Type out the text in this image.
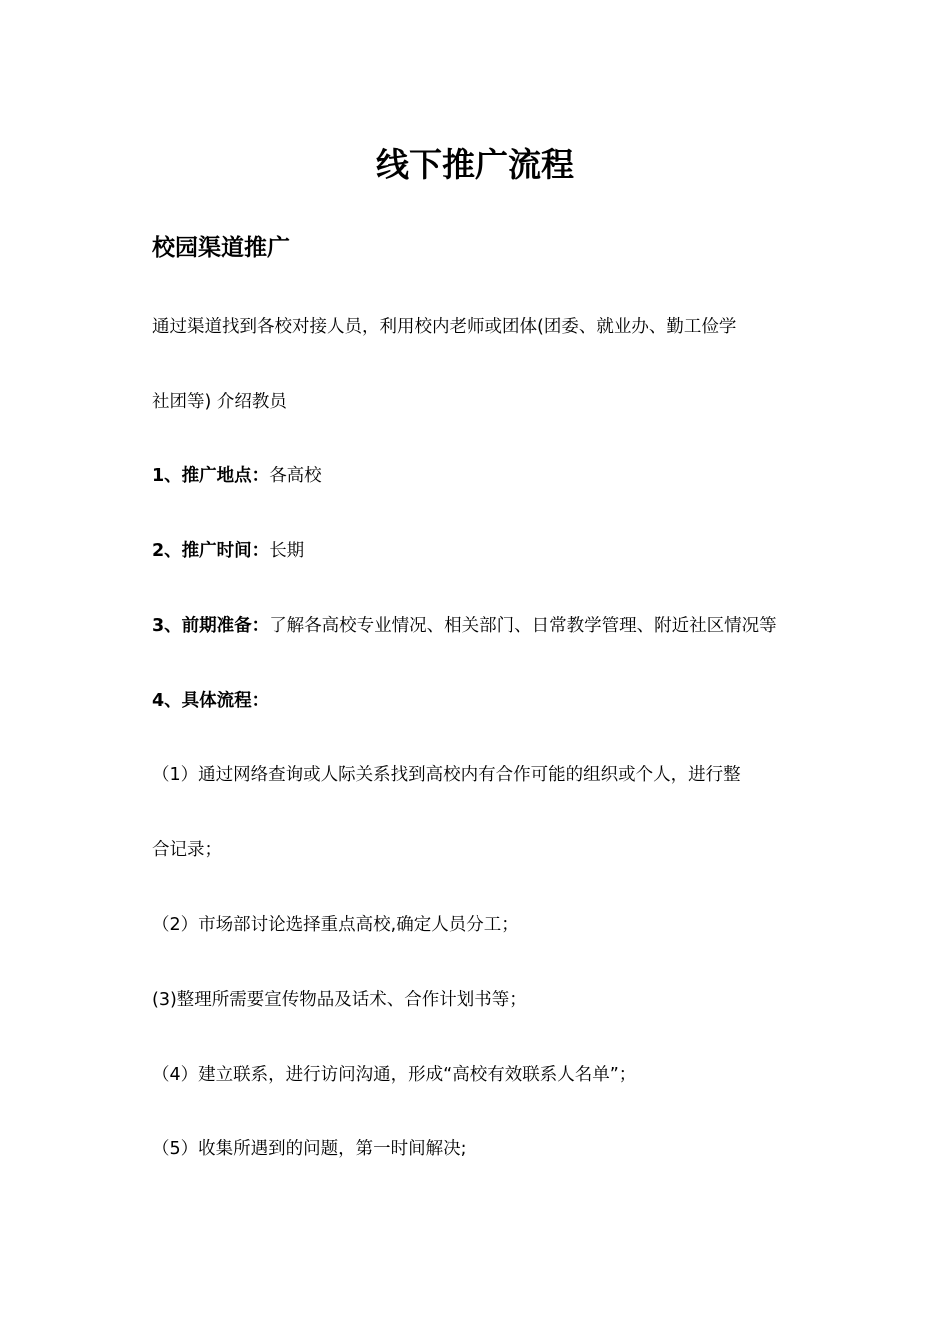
线下推广流程
校园渠道推广

通过渠道找到各校对接人员，利用校内老师或团体(团委、就业办、勤工俭学

社团等) 介绍教员

1、推广地点：各高校

2、推广时间：长期

3、前期准备：了解各高校专业情况、相关部门、日常教学管理、附近社区情况等

4、具体流程：

（1）通过网络查询或人际关系找到高校内有合作可能的组织或个人，进行整

合记录；

（2）市场部讨论选择重点高校,确定人员分工；

(3)整理所需要宣传物品及话术、合作计划书等；

（4）建立联系，进行访问沟通，形成“高校有效联系人名单”；

（5）收集所遇到的问题，第一时间解决;
